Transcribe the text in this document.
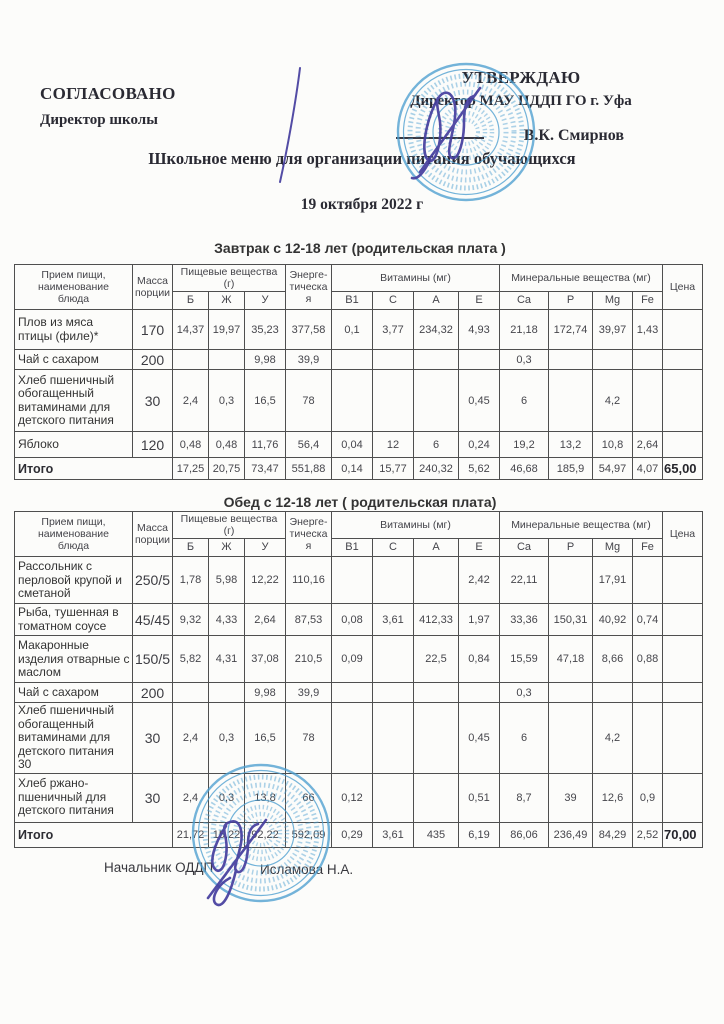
СОГЛАСОВАНО
Директор школы
УТВЕРЖДАЮ
Директор МАУ ЦДДП ГО г. Уфа
В.К. Смирнов
Школьное меню для организации питания обучающихся
19 октября 2022 г
Завтрак с 12-18 лет (родительская плата )
Прием пищи, наименование
блюда	Масса
порции	Пищевые вещества
(г)			Энерге-
тическа
я	Витамины (мг)				Минеральные вещества (мг)				Цена
		Б	Ж	У		B1	C	A	E	Ca	P	Mg	Fe	
Плов из мяса птицы (филе)*	170	14,37	19,97	35,23	377,58	0,1	3,77	234,32	4,93	21,18	172,74	39,97	1,43	
Чай с сахаром	200			9,98	39,9					0,3				
Хлеб пшеничный обогащенный витаминами для детского питания	30	2,4	0,3	16,5	78				0,45	6		4,2		
Яблоко	120	0,48	0,48	11,76	56,4	0,04	12	6	0,24	19,2	13,2	10,8	2,64	
Итого		17,25	20,75	73,47	551,88	0,14	15,77	240,32	5,62	46,68	185,9	54,97	4,07	65,00
Обед с 12-18 лет ( родительская плата)
Прием пищи, наименование
блюда	Масса
порции	Пищевые вещества
(г)			Энерге-
тическа
я	Витамины (мг)				Минеральные вещества (мг)				Цена
		Б	Ж	У		B1	C	A	E	Ca	P	Mg	Fe	
Рассольник с перловой крупой и сметаной	250/5	1,78	5,98	12,22	110,16				2,42	22,11		17,91		
Рыба, тушенная в томатном соусе	45/45	9,32	4,33	2,64	87,53	0,08	3,61	412,33	1,97	33,36	150,31	40,92	0,74	
Макаронные изделия отварные с маслом	150/5	5,82	4,31	37,08	210,5	0,09		22,5	0,84	15,59	47,18	8,66	0,88	
Чай с сахаром	200			9,98	39,9					0,3				
Хлеб пшеничный обогащенный витаминами для детского питания 30	30	2,4	0,3	16,5	78				0,45	6		4,2		
Хлеб ржано-пшеничный для детского питания	30	2,4	0,3	13,8	66	0,12			0,51	8,7	39	12,6	0,9	
Итого		21,72	15,22	92,22	592,09	0,29	3,61	435	6,19	86,06	236,49	84,29	2,52	70,00
Начальник ОДДП	Исламова Н.А.
